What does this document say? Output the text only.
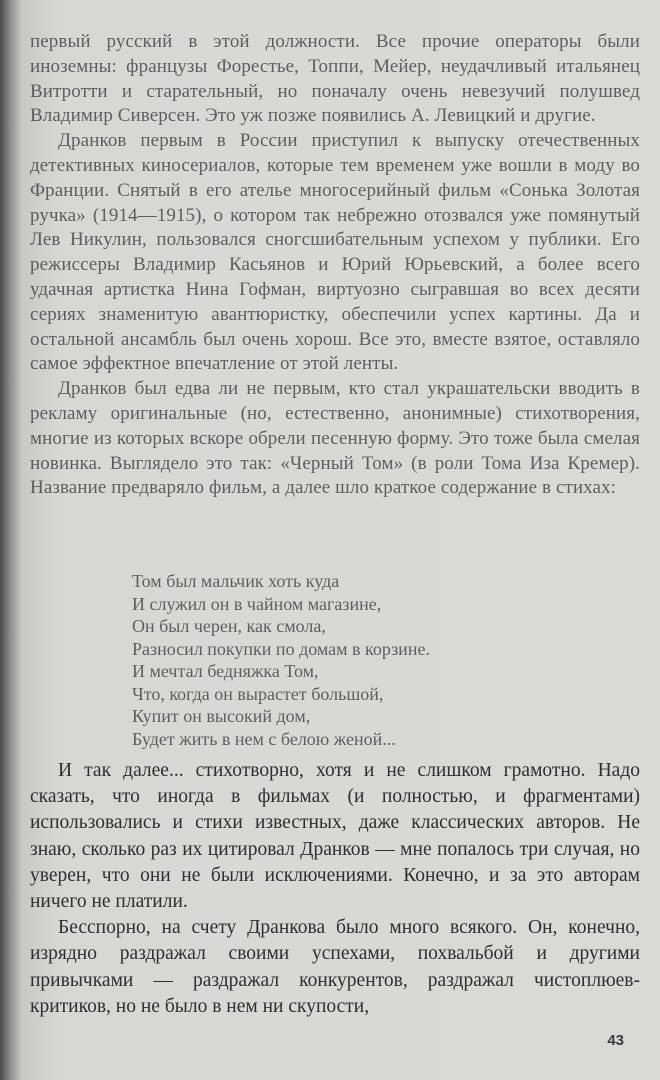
первый русский в этой должности. Все прочие операторы были иноземны: французы Форестье, Топпи, Мейер, неудачливый итальянец Витротти и старательный, но поначалу очень невезучий полушвед Владимир Сиверсен. Это уж позже появились А. Левицкий и другие.

Дранков первым в России приступил к выпуску отечественных детективных киносериалов, которые тем временем уже вошли в моду во Франции. Снятый в его ателье многосерийный фильм «Сонька Золотая ручка» (1914—1915), о котором так небрежно отозвался уже помянутый Лев Никулин, пользовался сногсшибательным успехом у публики. Его режиссеры Владимир Касьянов и Юрий Юрьевский, а более всего удачная артистка Нина Гофман, виртуозно сыгравшая во всех десяти сериях знаменитую авантюристку, обеспечили успех картины. Да и остальной ансамбль был очень хорош. Все это, вместе взятое, оставляло самое эффектное впечатление от этой ленты.

Дранков был едва ли не первым, кто стал украшательски вводить в рекламу оригинальные (но, естественно, анонимные) стихотворения, многие из которых вскоре обрели песенную форму. Это тоже была смелая новинка. Выглядело это так: «Черный Том» (в роли Тома Иза Кремер). Название предваряло фильм, а далее шло краткое содержание в стихах:

Том был мальчик хоть куда
И служил он в чайном магазине,
Он был черен, как смола,
Разносил покупки по домам в корзине.
И мечтал бедняжка Том,
Что, когда он вырастет большой,
Купит он высокий дом,
Будет жить в нем с белою женой...

И так далее... стихотворно, хотя и не слишком грамотно. Надо сказать, что иногда в фильмах (и полностью, и фрагментами) использовались и стихи известных, даже классических авторов. Не знаю, сколько раз их цитировал Дранков — мне попалось три случая, но уверен, что они не были исключениями. Конечно, и за это авторам ничего не платили.

Бесспорно, на счету Дранкова было много всякого. Он, конечно, изрядно раздражал своими успехами, похвальбой и другими привычками — раздражал конкурентов, раздражал чистоплюев-критиков, но не было в нем ни скупости,

43
